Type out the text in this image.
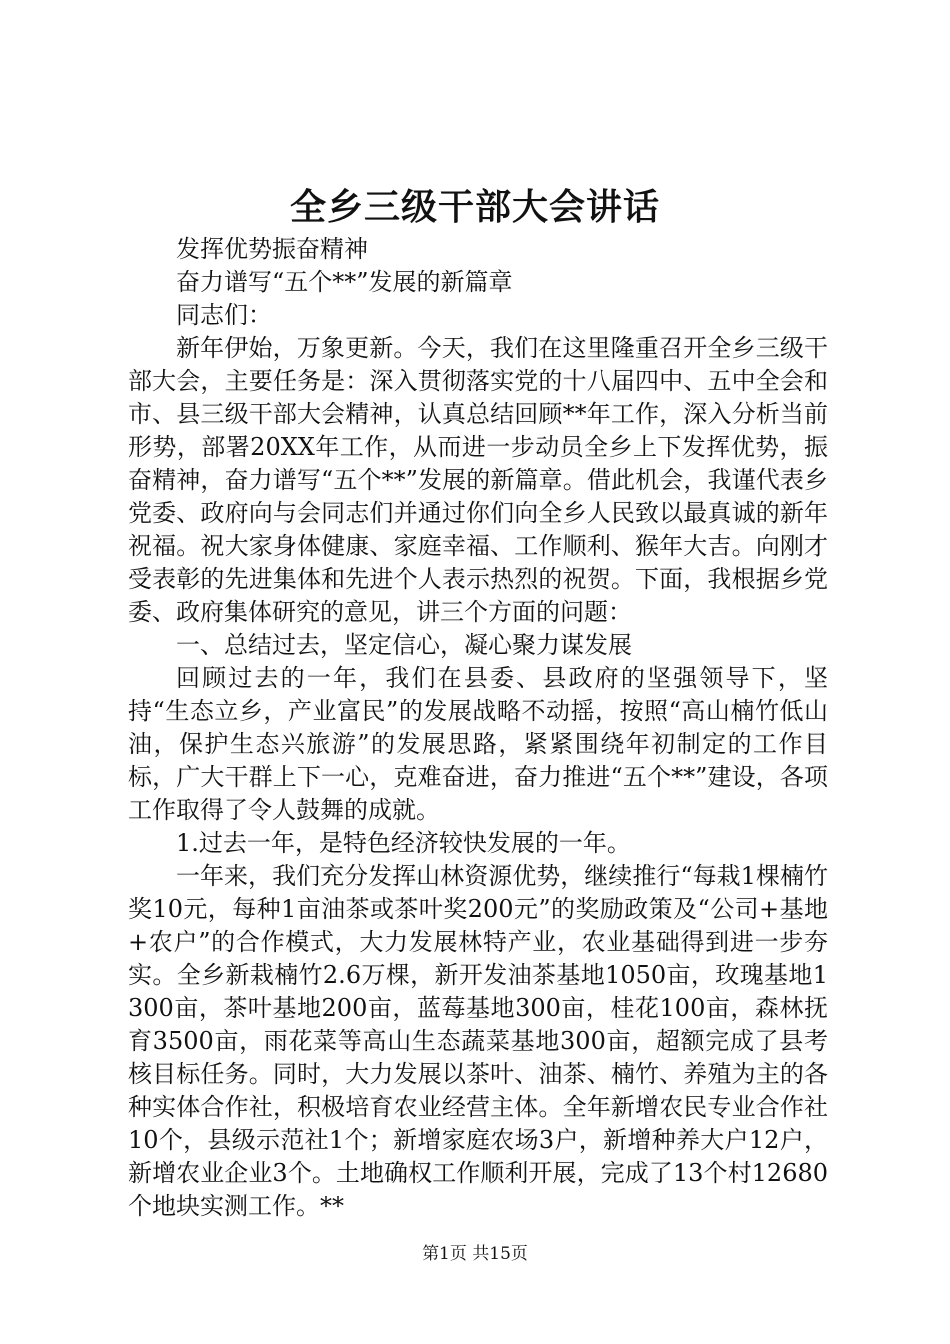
全乡三级干部大会讲话

发挥优势振奋精神

奋力谱写“五个**”发展的新篇章

同志们：

新年伊始，万象更新。今天，我们在这里隆重召开全乡三级干部大会，主要任务是：深入贯彻落实党的十八届四中、五中全会和市、县三级干部大会精神，认真总结回顾**年工作，深入分析当前形势，部署20XX年工作，从而进一步动员全乡上下发挥优势，振奋精神，奋力谱写“五个**”发展的新篇章。借此机会，我谨代表乡党委、政府向与会同志们并通过你们向全乡人民致以最真诚的新年祝福。祝大家身体健康、家庭幸福、工作顺利、猴年大吉。向刚才受表彰的先进集体和先进个人表示热烈的祝贺。下面，我根据乡党委、政府集体研究的意见，讲三个方面的问题：

一、总结过去，坚定信心，凝心聚力谋发展

回顾过去的一年，我们在县委、县政府的坚强领导下，坚持“生态立乡，产业富民”的发展战略不动摇，按照“高山楠竹低山油，保护生态兴旅游”的发展思路，紧紧围绕年初制定的工作目标，广大干群上下一心，克难奋进，奋力推进“五个**”建设，各项工作取得了令人鼓舞的成就。

1.过去一年，是特色经济较快发展的一年。

一年来，我们充分发挥山林资源优势，继续推行“每栽1棵楠竹奖10元，每种1亩油茶或茶叶奖200元”的奖励政策及“公司+基地+农户”的合作模式，大力发展林特产业，农业基础得到进一步夯实。全乡新栽楠竹2.6万棵，新开发油茶基地1050亩，玫瑰基地1300亩，茶叶基地200亩，蓝莓基地300亩，桂花100亩，森林抚育3500亩，雨花菜等高山生态蔬菜基地300亩，超额完成了县考核目标任务。同时，大力发展以茶叶、油茶、楠竹、养殖为主的各种实体合作社，积极培育农业经营主体。全年新增农民专业合作社10个，县级示范社1个；新增家庭农场3户，新增种养大户12户，新增农业企业3个。土地确权工作顺利开展，完成了13个村12680个地块实测工作。**

第1页 共15页
